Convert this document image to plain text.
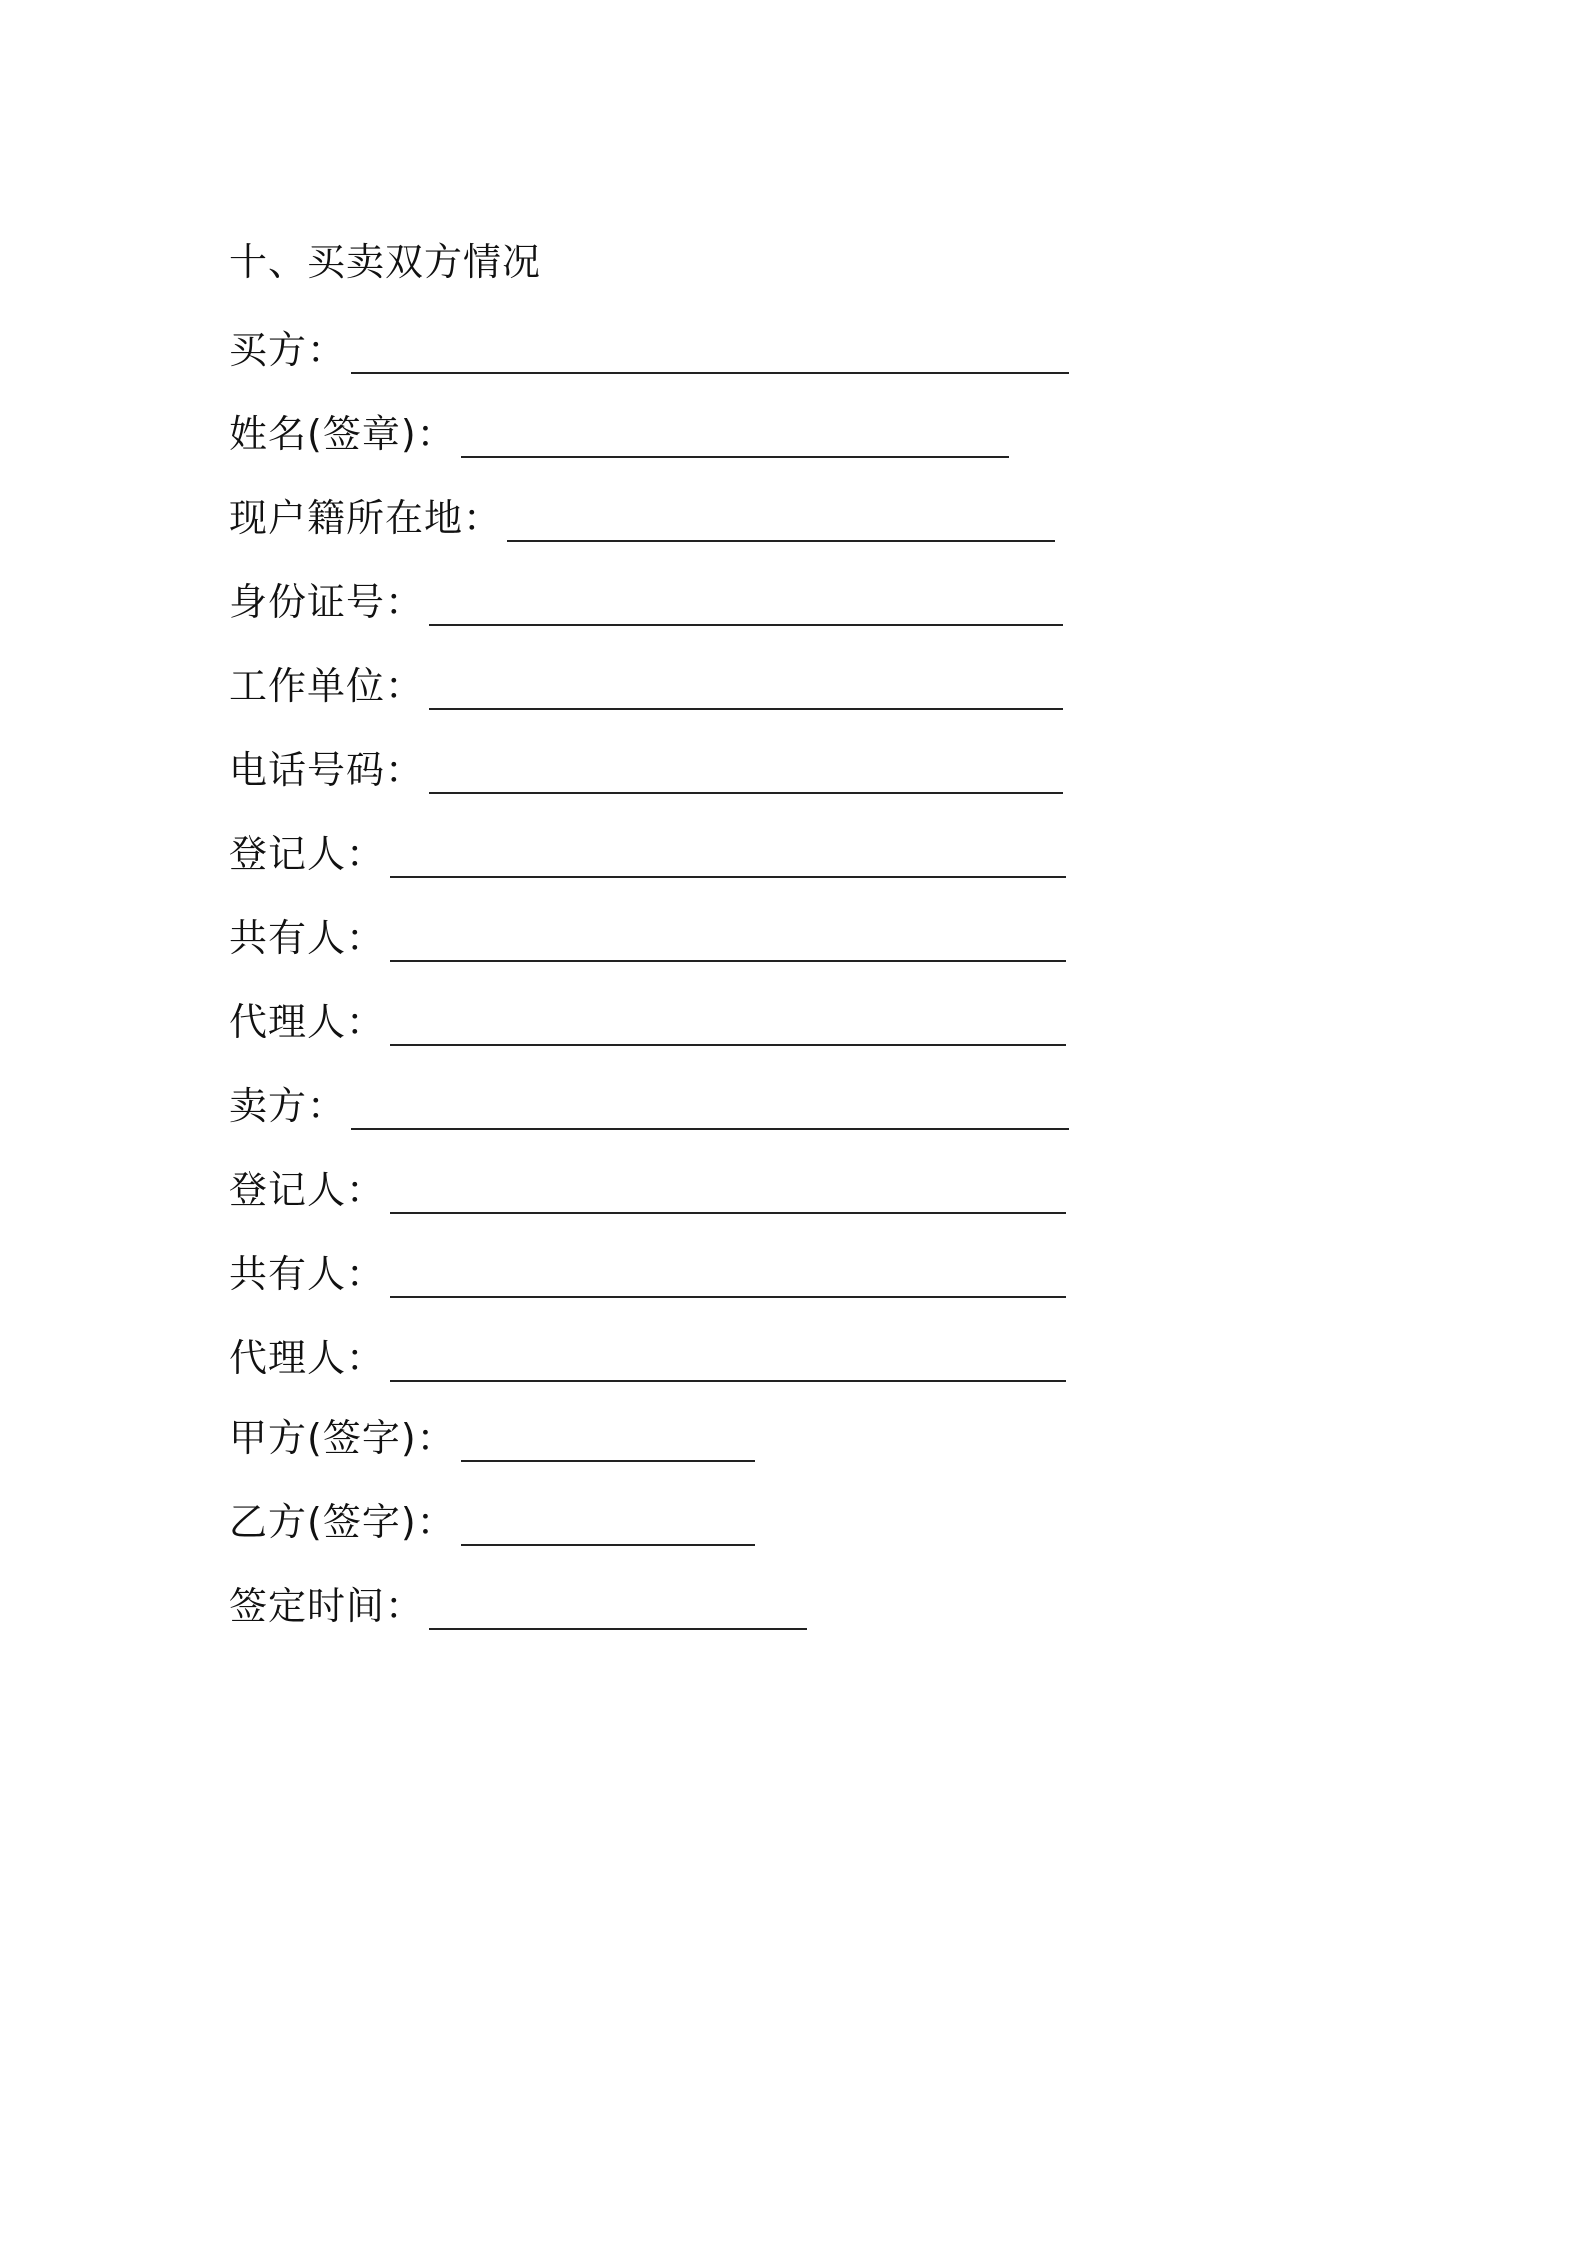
十、买卖双方情况
买方 ：
姓名(签章) ：
现户籍所在地 ：
身份证号 ：
工作单位 ：
电话号码 ：
登记人 ：
共有人 ：
代理人 ：
卖方 ：
登记人 ：
共有人 ：
代理人 ：
甲方(签字) ：
乙方(签字) ：
签定时间 ：
